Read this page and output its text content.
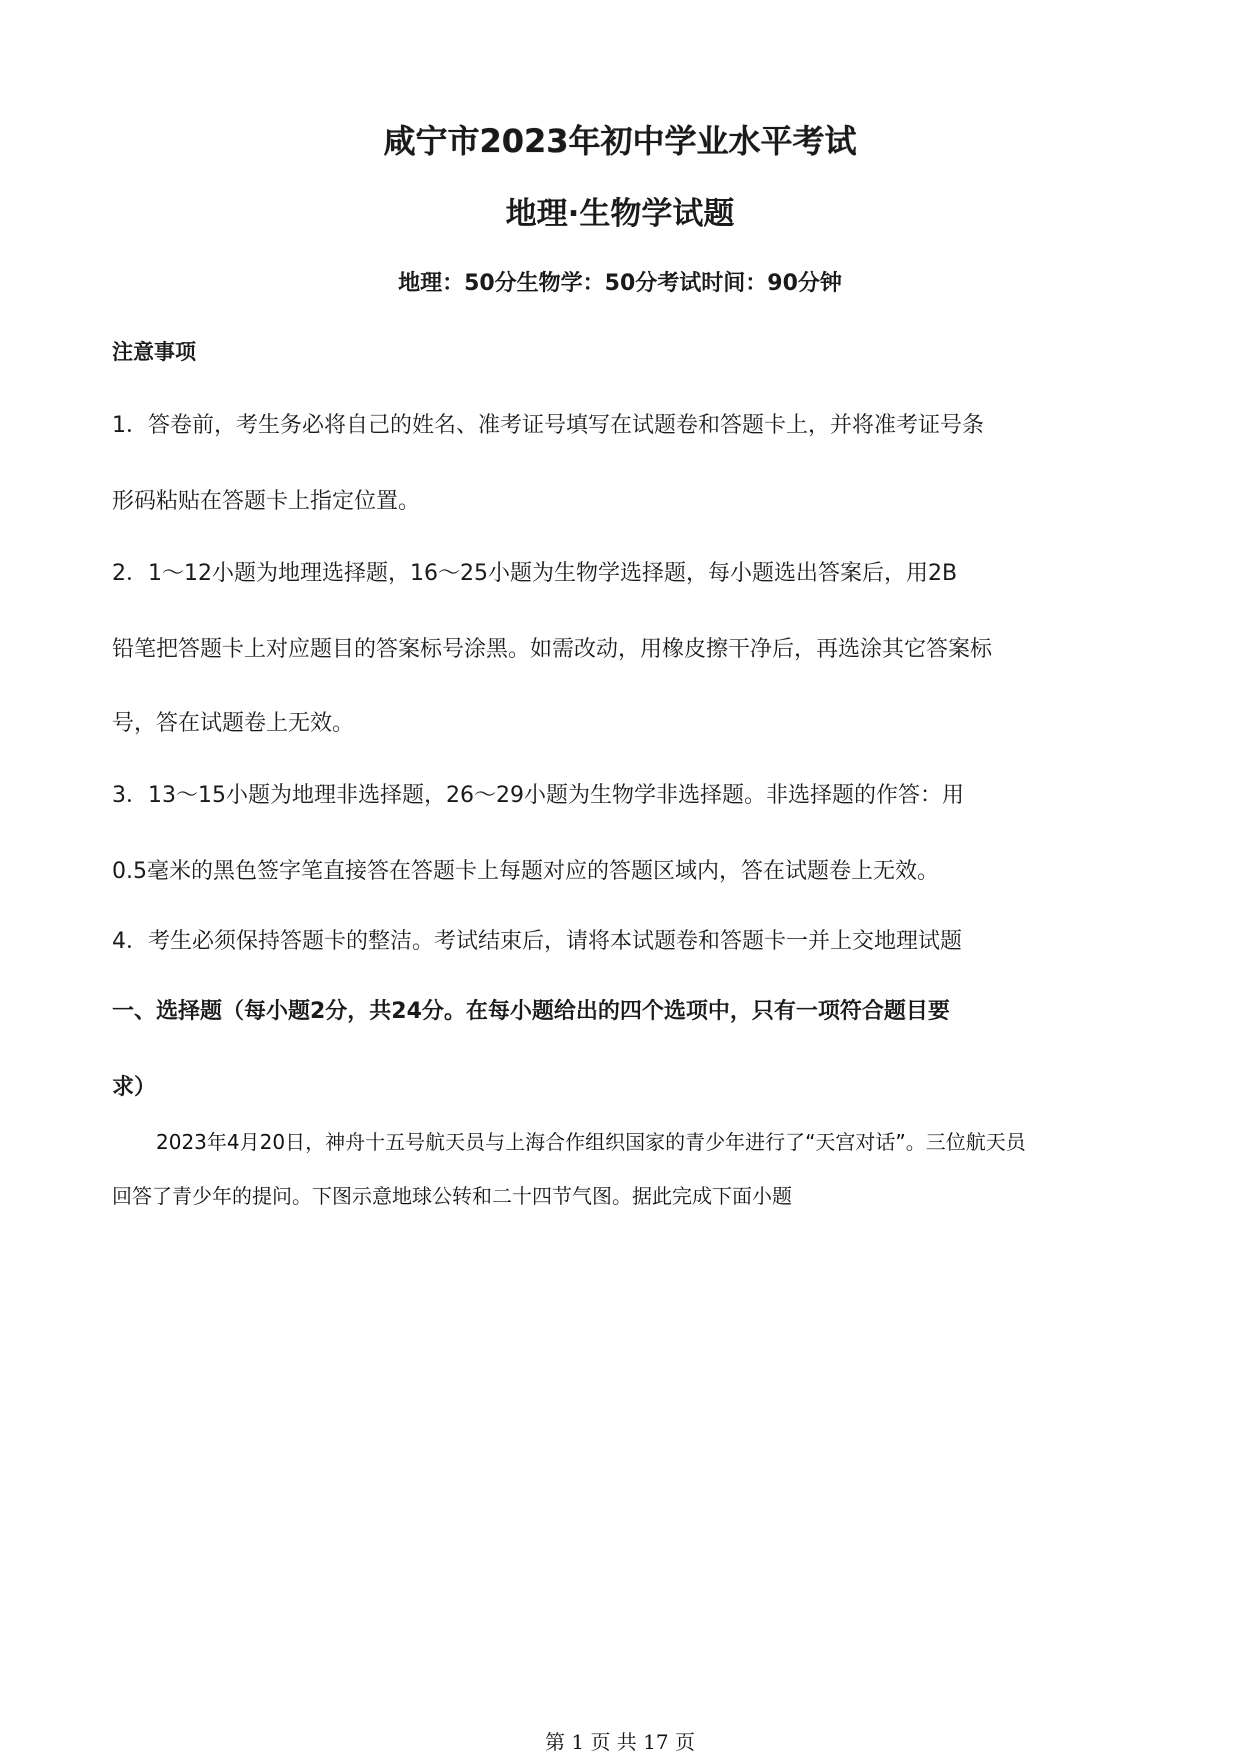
咸宁市2023年初中学业水平考试
地理·生物学试题
地理：50分生物学：50分考试时间：90分钟
注意事项
1．答卷前，考生务必将自己的姓名、准考证号填写在试题卷和答题卡上，并将准考证号条
形码粘贴在答题卡上指定位置。
2．1～12小题为地理选择题，16～25小题为生物学选择题，每小题选出答案后，用2B
铅笔把答题卡上对应题目的答案标号涂黑。如需改动，用橡皮擦干净后，再选涂其它答案标
号，答在试题卷上无效。
3．13～15小题为地理非选择题，26～29小题为生物学非选择题。非选择题的作答：用
0.5毫米的黑色签字笔直接答在答题卡上每题对应的答题区域内，答在试题卷上无效。
4．考生必须保持答题卡的整洁。考试结束后，请将本试题卷和答题卡一并上交地理试题
一、选择题（每小题2分，共24分。在每小题给出的四个选项中，只有一项符合题目要
求）
2023年4月20日，神舟十五号航天员与上海合作组织国家的青少年进行了“天宫对话”。三位航天员
回答了青少年的提问。下图示意地球公转和二十四节气图。据此完成下面小题
第 1 页 共 17 页
